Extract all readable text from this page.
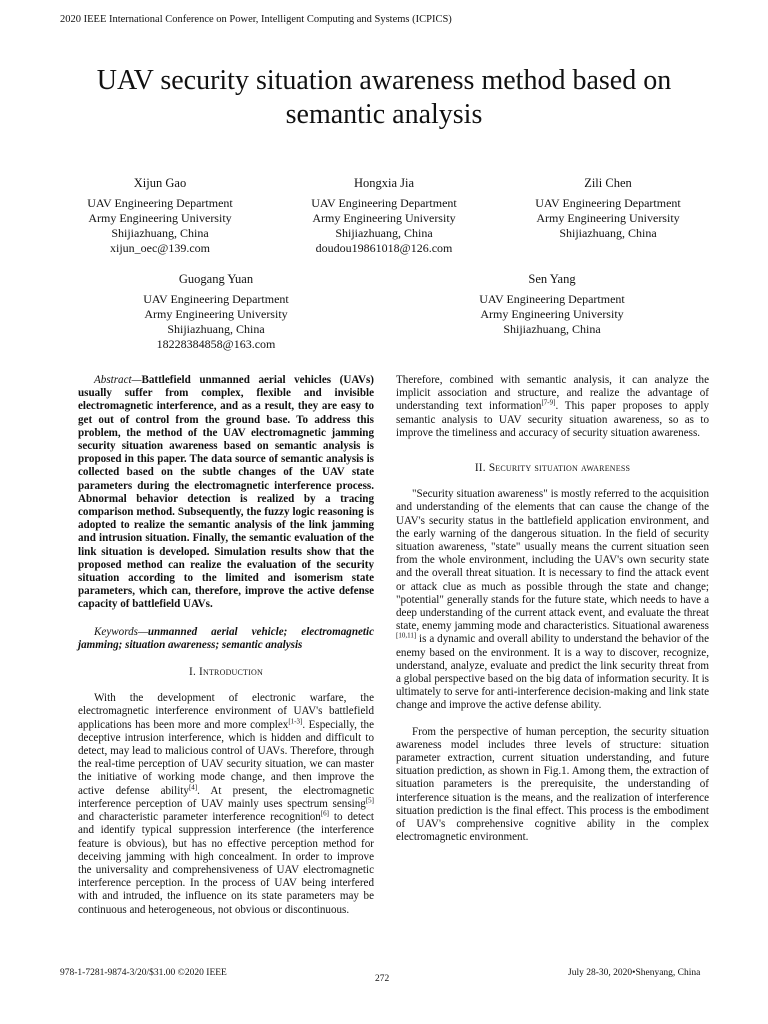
2020 IEEE International Conference on Power, Intelligent Computing and Systems (ICPICS)
UAV security situation awareness method based on
semantic analysis
Xijun Gao
UAV Engineering Department
Army Engineering University
Shijiazhuang, China
xijun_oec@139.com
Hongxia Jia
UAV Engineering Department
Army Engineering University
Shijiazhuang, China
doudou19861018@126.com
Zili Chen
UAV Engineering Department
Army Engineering University
Shijiazhuang, China
Guogang Yuan
UAV Engineering Department
Army Engineering University
Shijiazhuang, China
18228384858@163.com
Sen Yang
UAV Engineering Department
Army Engineering University
Shijiazhuang, China

Abstract—Battlefield unmanned aerial vehicles (UAVs) usually suffer from complex, flexible and invisible electromagnetic interference, and as a result, they are easy to get out of control from the ground base. To address this problem, the method of the UAV electromagnetic jamming security situation awareness based on semantic analysis is proposed in this paper. The data source of semantic analysis is collected based on the subtle changes of the UAV state parameters during the electromagnetic interference process. Abnormal behavior detection is realized by a tracing comparison method. Subsequently, the fuzzy logic reasoning is adopted to realize the semantic analysis of the link jamming and intrusion situation. Finally, the semantic evaluation of the link situation is developed. Simulation results show that the proposed method can realize the evaluation of the security situation according to the limited and isomerism state parameters, which can, therefore, improve the active defense capacity of battlefield UAVs.

Keywords—unmanned aerial vehicle; electromagnetic jamming; situation awareness; semantic analysis

I. Introduction

With the development of electronic warfare, the electromagnetic interference environment of UAV's battlefield applications has been more and more complex[1-3]. Especially, the deceptive intrusion interference, which is hidden and difficult to detect, may lead to malicious control of UAVs. Therefore, through the real-time perception of UAV security situation, we can master the initiative of working mode change, and then improve the active defense ability[4]. At present, the electromagnetic interference perception of UAV mainly uses spectrum sensing[5] and characteristic parameter interference recognition[6] to detect and identify typical suppression interference (the interference feature is obvious), but has no effective perception method for deceiving jamming with high concealment. In order to improve the universality and comprehensiveness of UAV electromagnetic interference perception. In the process of UAV being interfered with and intruded, the influence on its state parameters may be continuous and heterogeneous, not obvious or discontinuous.

Therefore, combined with semantic analysis, it can analyze the implicit association and structure, and realize the advantage of understanding text information[7-9]. This paper proposes to apply semantic analysis to UAV security situation awareness, so as to improve the timeliness and accuracy of security situation awareness.

II. Security situation awareness

"Security situation awareness" is mostly referred to the acquisition and understanding of the elements that can cause the change of the UAV's security status in the battlefield application environment, and the early warning of the dangerous situation. In the field of security situation awareness, "state" usually means the current situation seen from the whole environment, including the UAV's own security state and the overall threat situation. It is necessary to find the attack event or attack clue as much as possible through the state and change; "potential" generally stands for the future state, which needs to have a deep understanding of the current attack event, and evaluate the threat state, enemy jamming mode and characteristics. Situational awareness [10,11] is a dynamic and overall ability to understand the behavior of the enemy based on the environment. It is a way to discover, recognize, understand, analyze, evaluate and predict the link security threat from a global perspective based on the big data of information security. It is ultimately to serve for anti-interference decision-making and link state change and improve the active defense ability.

From the perspective of human perception, the security situation awareness model includes three levels of structure: situation parameter extraction, current situation understanding, and future situation prediction, as shown in Fig.1. Among them, the extraction of situation parameters is the prerequisite, the understanding of interference situation is the means, and the realization of interference situation prediction is the final effect. This process is the embodiment of UAV's comprehensive cognitive ability in the complex electromagnetic environment.

978-1-7281-9874-3/20/$31.00 ©2020 IEEE
272
July 28-30, 2020•Shenyang, China
